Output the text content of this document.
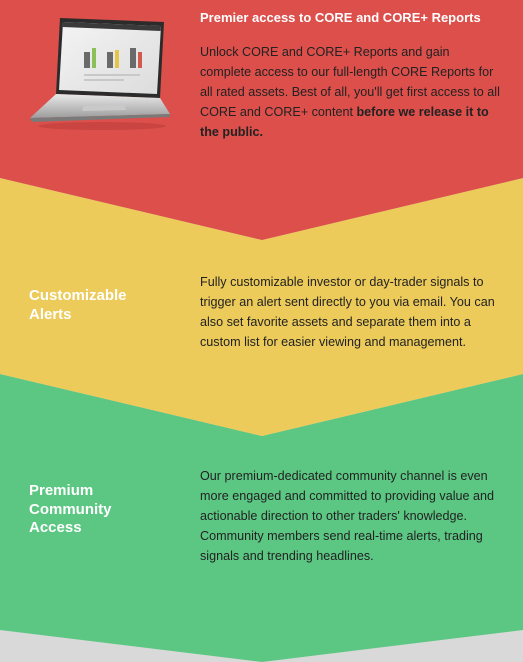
Premier access to CORE and CORE+ Reports
Unlock CORE and CORE+ Reports and gain complete access to our full-length CORE Reports for all rated assets. Best of all, you'll get first access to all CORE and CORE+ content before we release it to the public.
Customizable Alerts
Fully customizable investor or day-trader signals to trigger an alert sent directly to you via email. You can also set favorite assets and separate them into a custom list for easier viewing and management.
Premium Community Access
Our premium-dedicated community channel is even more engaged and committed to providing value and actionable direction to other traders' knowledge. Community members send real-time alerts, trading signals and trending headlines.
